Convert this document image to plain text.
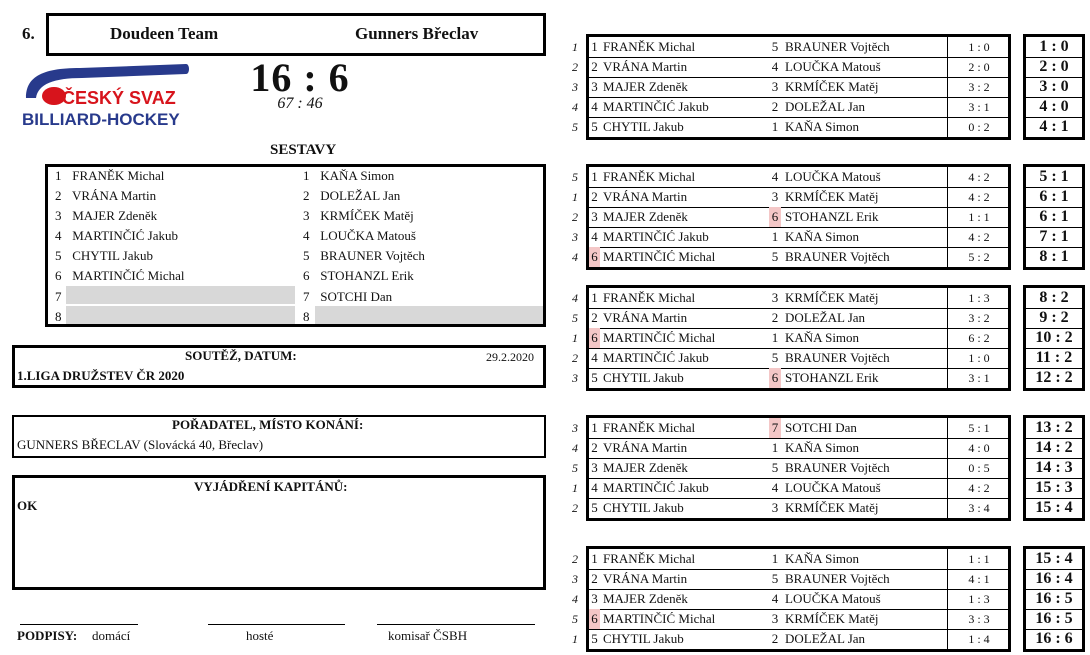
6.	Doudeen Team	Gunners Břeclav
16 : 6
67 : 46
ČESKÝ SVAZ
BILLIARD-HOCKEY
SESTAVY
1 FRANĚK Michal
2 VRÁNA Martin
3 MAJER Zdeněk
4 MARTINČIĆ Jakub
5 CHYTIL Jakub
6 MARTINČIĆ Michal
7
8
1 KAŇA Simon
2 DOLEŽAL Jan
3 KRMÍČEK Matěj
4 LOUČKA Matouš
5 BRAUNER Vojtěch
6 STOHANZL Erik
7 SOTCHI Dan
8
SOUTĚŽ, DATUM:	29.2.2020
1.LIGA DRUŽSTEV ČR 2020
POŘADATEL, MÍSTO KONÁNÍ:
GUNNERS BŘECLAV (Slovácká 40, Břeclav)
VYJÁDŘENÍ KAPITÁNŮ:
OK
PODPISY: domácí	hosté	komisař ČSBH
1 1 FRANĚK Michal	5 BRAUNER Vojtěch	1 : 0	1 : 0
2 2 VRÁNA Martin	4 LOUČKA Matouš	2 : 0	2 : 0
3 3 MAJER Zdeněk	3 KRMÍČEK Matěj	3 : 2	3 : 0
4 4 MARTINČIĆ Jakub	2 DOLEŽAL Jan	3 : 1	4 : 0
5 5 CHYTIL Jakub	1 KAŇA Simon	0 : 2	4 : 1
5 1 FRANĚK Michal	4 LOUČKA Matouš	4 : 2	5 : 1
1 2 VRÁNA Martin	3 KRMÍČEK Matěj	4 : 2	6 : 1
2 3 MAJER Zdeněk	6 STOHANZL Erik	1 : 1	6 : 1
3 4 MARTINČIĆ Jakub	1 KAŇA Simon	4 : 2	7 : 1
4 6 MARTINČIĆ Michal	5 BRAUNER Vojtěch	5 : 2	8 : 1
4 1 FRANĚK Michal	3 KRMÍČEK Matěj	1 : 3	8 : 2
5 2 VRÁNA Martin	2 DOLEŽAL Jan	3 : 2	9 : 2
1 6 MARTINČIĆ Michal	1 KAŇA Simon	6 : 2	10 : 2
2 4 MARTINČIĆ Jakub	5 BRAUNER Vojtěch	1 : 0	11 : 2
3 5 CHYTIL Jakub	6 STOHANZL Erik	3 : 1	12 : 2
3 1 FRANĚK Michal	7 SOTCHI Dan	5 : 1	13 : 2
4 2 VRÁNA Martin	1 KAŇA Simon	4 : 0	14 : 2
5 3 MAJER Zdeněk	5 BRAUNER Vojtěch	0 : 5	14 : 3
1 4 MARTINČIĆ Jakub	4 LOUČKA Matouš	4 : 2	15 : 3
2 5 CHYTIL Jakub	3 KRMÍČEK Matěj	3 : 4	15 : 4
2 1 FRANĚK Michal	1 KAŇA Simon	1 : 1	15 : 4
3 2 VRÁNA Martin	5 BRAUNER Vojtěch	4 : 1	16 : 4
4 3 MAJER Zdeněk	4 LOUČKA Matouš	1 : 3	16 : 5
5 6 MARTINČIĆ Michal	3 KRMÍČEK Matěj	3 : 3	16 : 5
1 5 CHYTIL Jakub	2 DOLEŽAL Jan	1 : 4	16 : 6
